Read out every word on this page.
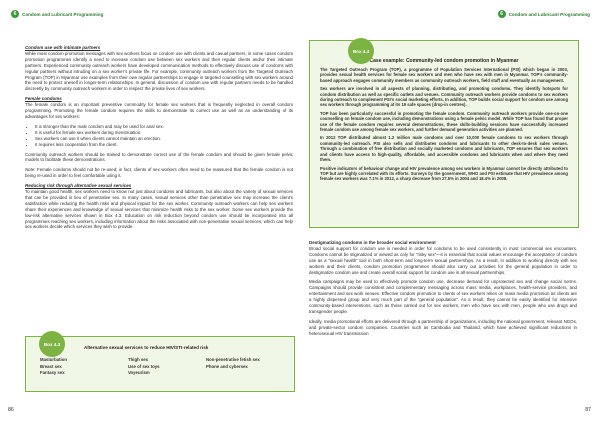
6	Condom and Lubricant Programming	6	Condom and Lubricant Programming
Condom use with intimate partners

While most condom promotion messages with sex workers focus on condom use with clients and casual partners, in some cases condom promotion programmes identify a need to increase condom use between sex workers and their regular clients and/or their intimate partners. Experienced community outreach workers have developed communication methods to effectively discuss use of condoms with regular partners without intruding on a sex worker’s private life. For example, community outreach workers from the Targeted Outreach Program (TOP) in Myanmar use examples from their own regular partnerships to engage in targeted counselling with sex workers around the need to protect oneself in longer-term relationships. In general, discussion of condom use with regular partners needs to be handled discreetly by community outreach workers in order to respect the private lives of sex workers.

Female condoms

The female condom is an important preventive commodity for female sex workers that is frequently neglected in overall condom programming. Promoting the female condom requires the skills to demonstrate its correct use as well as an understanding of its advantages for sex workers:

• It is stronger than the male condom and may be used for anal sex.
• It is useful for female sex workers during menstruation.
• Sex workers can use it when clients cannot maintain an erection.
• It requires less cooperation from the client.

Community outreach workers should be trained to demonstrate correct use of the female condom and should be given female pelvic models to facilitate these demonstrations.

Note: Female condoms should not be re-used; in fact, clients of sex workers often need to be reassured that the female condom is not being re-used in order to feel comfortable using it.

Reducing risk through alternative sexual services

To maintain good health, sex workers need to know not just about condoms and lubricants, but also about the variety of sexual services that can be provided in lieu of penetrative sex. In many cases, sexual services other than penetrative sex may increase the client’s satisfaction while reducing the health risks and physical impact for the sex worker. Community outreach workers can help sex workers share their experiences and knowledge of sexual services that minimize health risks to the sex worker. Some sex workers provide the low-risk alternative services shown in Box 4.3. Education on risk reduction beyond condom use should be incorporated into all programmes reaching sex workers, including information about the risks associated with non-penetrative sexual services, which can help sex workers decide which services they wish to provide.

Box 4.3
Alternative sexual services to reduce HIV/STI-related risk
Masturbation	Thigh sex	Non-penetrative fetish sex
Breast sex	Use of sex toys	Phone and cybersex
Fantasy sex	Voyeurism
Box 4.4
Case example: Community-led condom promotion in Myanmar

The Targeted Outreach Program (TOP), a programme of Population Services International (PSI) which began in 2003, provides sexual health services for female sex workers and men who have sex with men in Myanmar. TOP’s community-based approach engages community members as community outreach workers, field staff and eventually as management.

Sex workers are involved in all aspects of planning, distributing, and promoting condoms. They identify hotspots for condom distribution as well as specific outlets and venues. Community outreach workers provide condoms to sex workers during outreach to complement PSI’s social marketing efforts. In addition, TOP builds social support for condom use among sex workers through programming at its 19 safe spaces (drop-in centres).

TOP has been particularly successful in promoting the female condom. Community outreach workers provide one-on-one counselling on female condom use, including demonstrations using a female pelvic model. While TOP has found that proper use of the female condom requires several demonstrations, these skills-building sessions have successfully increased female condom use among female sex workers, and further demand generation activities are planned.

In 2012 TOP distributed almost 1.2 million male condoms and over 10,000 female condoms to sex workers through community-led outreach. PSI also sells and distributes condoms and lubricants to other desk-to-desk sales venues. Through a combination of free distribution and socially marketed condoms and lubricants, TOP ensures that sex workers and clients have access to high-quality, affordable, and accessible condoms and lubricants when and where they need them.

Positive indicators of behaviour change and HIV prevalence among sex workers in Myanmar cannot be directly attributed to TOP but are highly correlated with its efforts. Surveys by the government, WHO and PSI estimate that HIV prevalence among female sex workers was 7.1% in 2012, a sharp decrease from 27.5% in 2004 and 18.4% in 2008.

Destigmatizing condoms in the broader social environment

Broad social support for condom use is needed in order for condoms to be used consistently in most commercial sex encounters. Condoms cannot be stigmatized or viewed as only for “risky sex”—it is essential that social values encourage the acceptance of condom use as a “sexual health” tool in both short-term and long-term sexual partnerships. As a result, in addition to working directly with sex workers and their clients, condom promotion programmes should also carry out activities for the general population in order to destigmatize condom use and create overall social support for condom use in all sexual partnerships.

Media campaigns may be used to effectively promote condom use, decrease demand for unprotected sex and change social norms. Campaigns should provide consistent and complementary messaging across mass media, workplaces, health-service providers, and entertainment and sex work venues. Effective condom promotion to clients of sex workers relies on mass media promotion as clients are a highly dispersed group and very much part of the “general population”. As a result, they cannot be easily identified for intensive community-based interventions, such as those carried out for sex workers, men who have sex with men, people who use drugs and transgender people.

Ideally, media promotional efforts are delivered through a partnership of organizations, including the national government, relevant NGOs, and private-sector condom companies. Countries such as Cambodia and Thailand, which have achieved significant reductions in heterosexual HIV transmission

86	87
